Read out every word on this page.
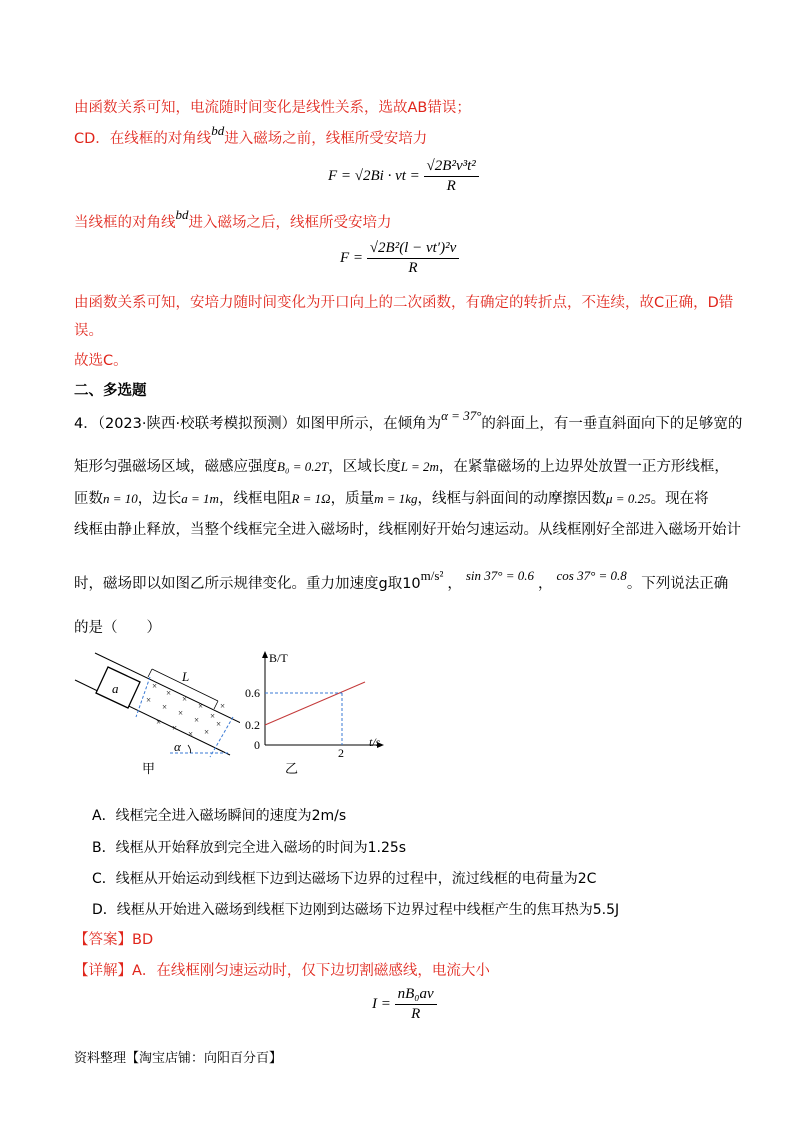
由函数关系可知，电流随时间变化是线性关系，选故AB错误；
CD．在线框的对角线bd进入磁场之前，线框所受安培力
F = √2Bi · vt = $\frac{\text{√2B²v³t²}}{R}$
当线框的对角线bd进入磁场之后，线框所受安培力
$F = \frac{\text{√2B²(l − vt′)²v}}{R}$
由函数关系可知，安培力随时间变化为开口向上的二次函数，有确定的转折点，不连续，故C正确，D错
误。
故选C。
二、多选题
4．（2023·陕西·校联考模拟预测）如图甲所示，在倾角为α = 37°的斜面上，有一垂直斜面向下的足够宽的
矩形匀强磁场区域，磁感应强度B₀ = 0.2T，区域长度L = 2m，在紧靠磁场的上边界处放置一正方形线框，
匝数n = 10，边长a = 1m，线框电阻R = 1Ω，质量m = 1kg，线框与斜面间的动摩擦因数μ = 0.25。现在将
线框由静止释放，当整个线框完全进入磁场时，线框刚好开始匀速运动。从线框刚好全部进入磁场开始计
时，磁场即以如图乙所示规律变化。重力加速度g取10m/s²，sin 37° = 0.6，cos 37° = 0.8。下列说法正确
的是（　　）
L
a	×
×
×
×
×
×
×
× ×
×
×
× ×
×
×
α
甲
B/T
t/s
0.6
0.2
0
2
乙
A．线框完全进入磁场瞬间的速度为2m/s
B．线框从开始释放到完全进入磁场的时间为1.25s
C．线框从开始运动到线框下边到达磁场下边界的过程中，流过线框的电荷量为2C
D．线框从开始进入磁场到线框下边刚到达磁场下边界过程中线框产生的焦耳热为5.5J
【答案】BD
【详解】A．在线框刚匀速运动时，仅下边切割磁感线，电流大小
$I = \frac{\text{nB₀av}}{R}$
资料整理【淘宝店铺：向阳百分百】
